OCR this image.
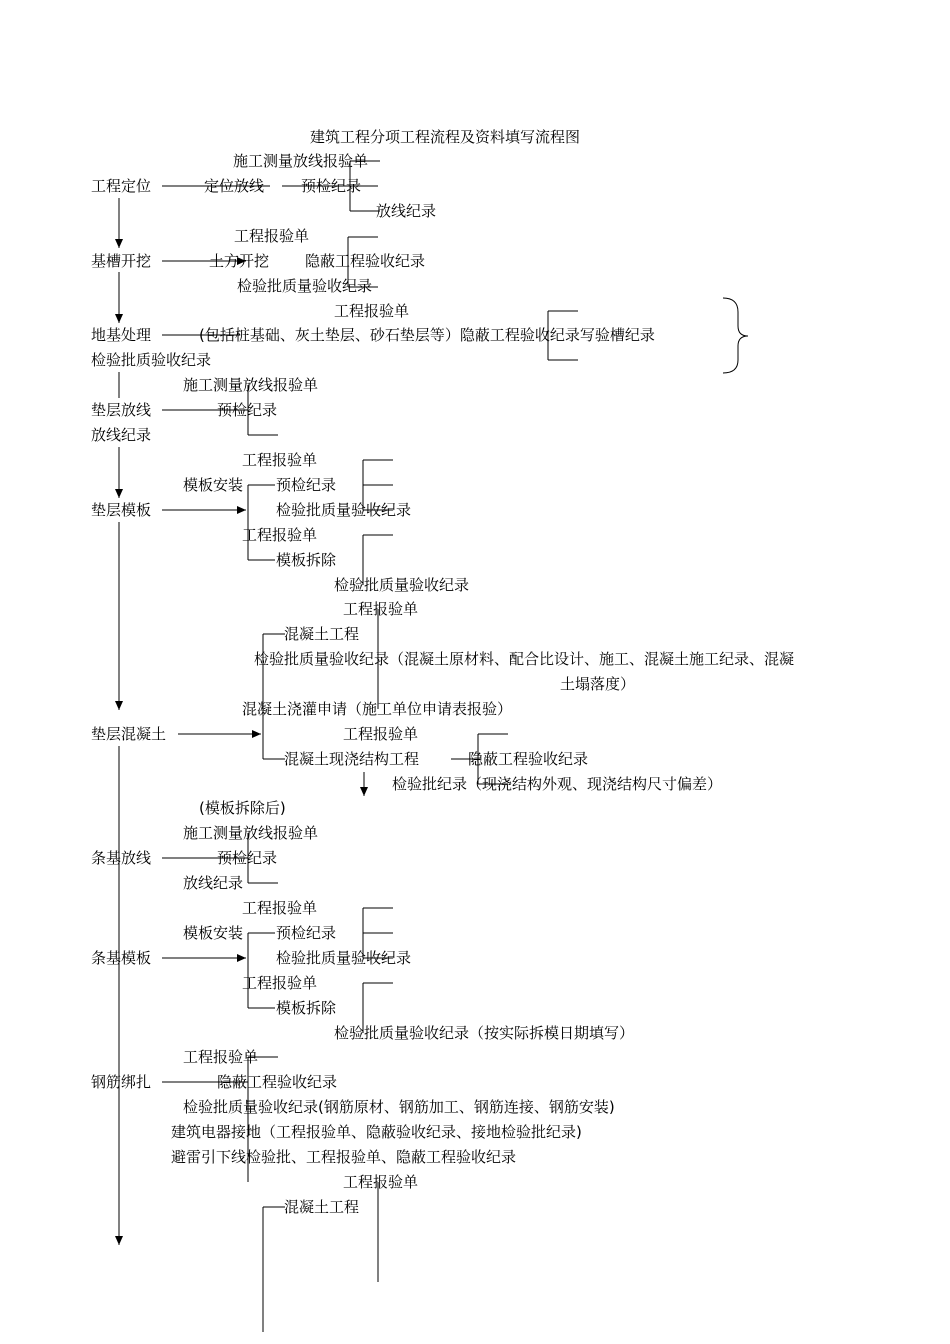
建筑工程分项工程流程及资料填写流程图
工程定位
基槽开挖
地基处理
垫层放线
垫层模板
垫层混凝土
条基放线
条基模板
钢筋绑扎
施工测量放线报验单
定位放线 预检纪录
放线纪录
工程报验单
土方开挖 隐蔽工程验收纪录
检验批质量验收纪录
工程报验单
(包括桩基础、灰土垫层、砂石垫层等）隐蔽工程验收纪录写验槽纪录
检验批质验收纪录
施工测量放线报验单
预检纪录
放线纪录
工程报验单
模板安装 预检纪录
检验批质量验收纪录
工程报验单
模板拆除
检验批质量验收纪录
工程报验单
混凝土工程
检验批质量验收纪录（混凝土原材料、配合比设计、施工、混凝土施工纪录、混凝
土塌落度）
混凝土浇灌申请（施工单位申请表报验）
工程报验单
混凝土现浇结构工程	隐蔽工程验收纪录
检验批纪录（现浇结构外观、现浇结构尺寸偏差）
(模板拆除后)
施工测量放线报验单
预检纪录
放线纪录
工程报验单
模板安装 预检纪录
检验批质量验收纪录
工程报验单
模板拆除
检验批质量验收纪录（按实际拆模日期填写）
工程报验单
隐蔽工程验收纪录
检验批质量验收纪录(钢筋原材、钢筋加工、钢筋连接、钢筋安装)
建筑电器接地（工程报验单、隐蔽验收纪录、接地检验批纪录)
避雷引下线检验批、工程报验单、隐蔽工程验收纪录
工程报验单
混凝土工程
